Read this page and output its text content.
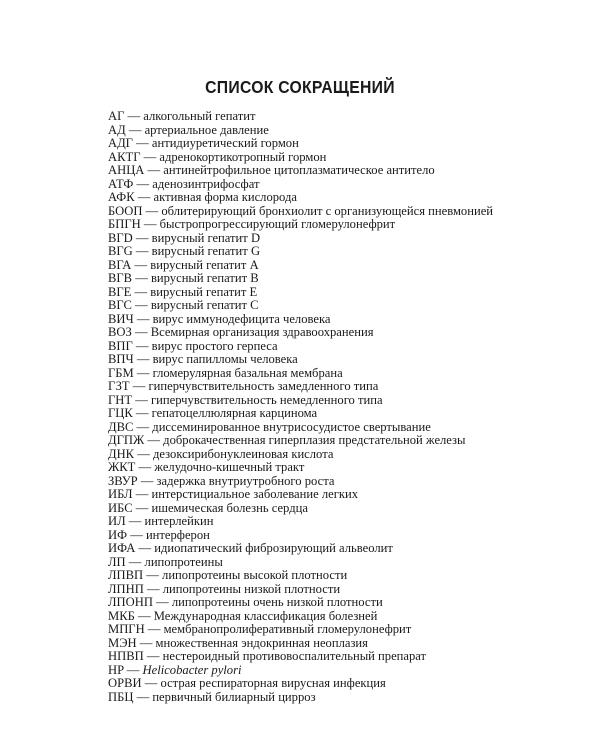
СПИСОК СОКРАЩЕНИЙ
АГ — алкогольный гепатит
АД — артериальное давление
АДГ — антидиуретический гормон
АКТГ — адренокортикотропный гормон
АНЦА — антинейтрофильное цитоплазматическое антитело
АТФ — аденозинтрифосфат
АФК — активная форма кислорода
БООП — облитерирующий бронхиолит с организующейся пневмонией
БПГН — быстропрогрессирующий гломерулонефрит
ВГD — вирусный гепатит D
ВГG — вирусный гепатит G
ВГА — вирусный гепатит A
ВГВ — вирусный гепатит B
ВГЕ — вирусный гепатит E
ВГС — вирусный гепатит C
ВИЧ — вирус иммунодефицита человека
ВОЗ — Всемирная организация здравоохранения
ВПГ — вирус простого герпеса
ВПЧ — вирус папилломы человека
ГБМ — гломерулярная базальная мембрана
ГЗТ — гиперчувствительность замедленного типа
ГНТ — гиперчувствительность немедленного типа
ГЦК — гепатоцеллюлярная карцинома
ДВС — диссеминированное внутрисосудистое свертывание
ДГПЖ — доброкачественная гиперплазия предстательной железы
ДНК — дезоксирибонуклеиновая кислота
ЖКТ — желудочно-кишечный тракт
ЗВУР — задержка внутриутробного роста
ИБЛ — интерстициальное заболевание легких
ИБС — ишемическая болезнь сердца
ИЛ — интерлейкин
ИФ — интерферон
ИФА — идиопатический фиброзирующий альвеолит
ЛП — липопротеины
ЛПВП — липопротеины высокой плотности
ЛПНП — липопротеины низкой плотности
ЛПОНП — липопротеины очень низкой плотности
МКБ — Международная классификация болезней
МПГН — мембранопролиферативный гломерулонефрит
МЭН — множественная эндокринная неоплазия
НПВП — нестероидный противовоспалительный препарат
HP — Helicobacter pylori
ОРВИ — острая респираторная вирусная инфекция
ПБЦ — первичный билиарный цирроз
